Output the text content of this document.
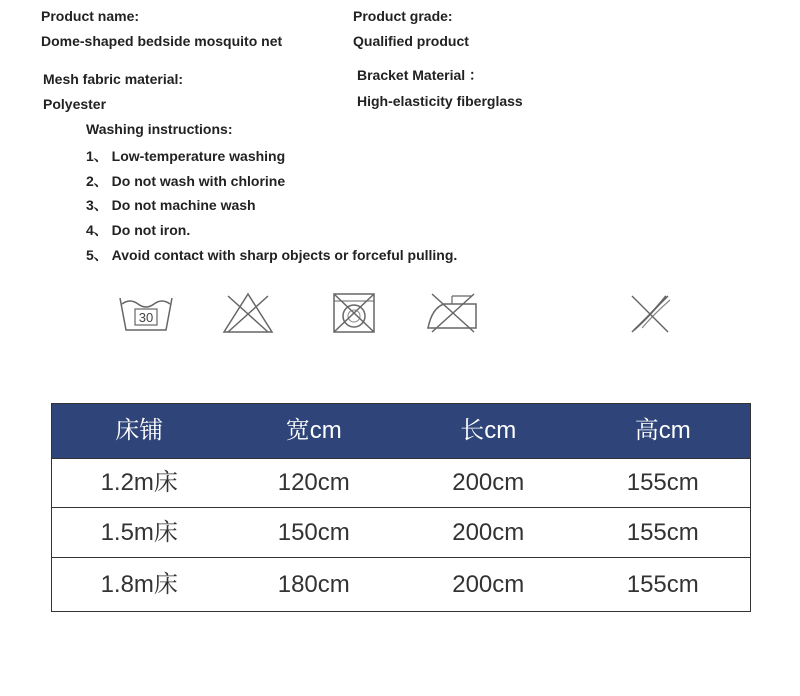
Product name:
Dome-shaped bedside mosquito net
Product grade:
Qualified product
Mesh fabric material:
Polyester
Bracket Material ：
High-elasticity fiberglass
Washing instructions:
1、 Low-temperature washing
2、 Do not wash with chlorine
3、 Do not machine wash
4、 Do not iron.
5、 Avoid contact with sharp objects or forceful pulling.
30
床铺	宽cm	长cm	高cm
1.2m床	120cm	200cm	155cm
1.5m床	150cm	200cm	155cm
1.8m床	180cm	200cm	155cm
